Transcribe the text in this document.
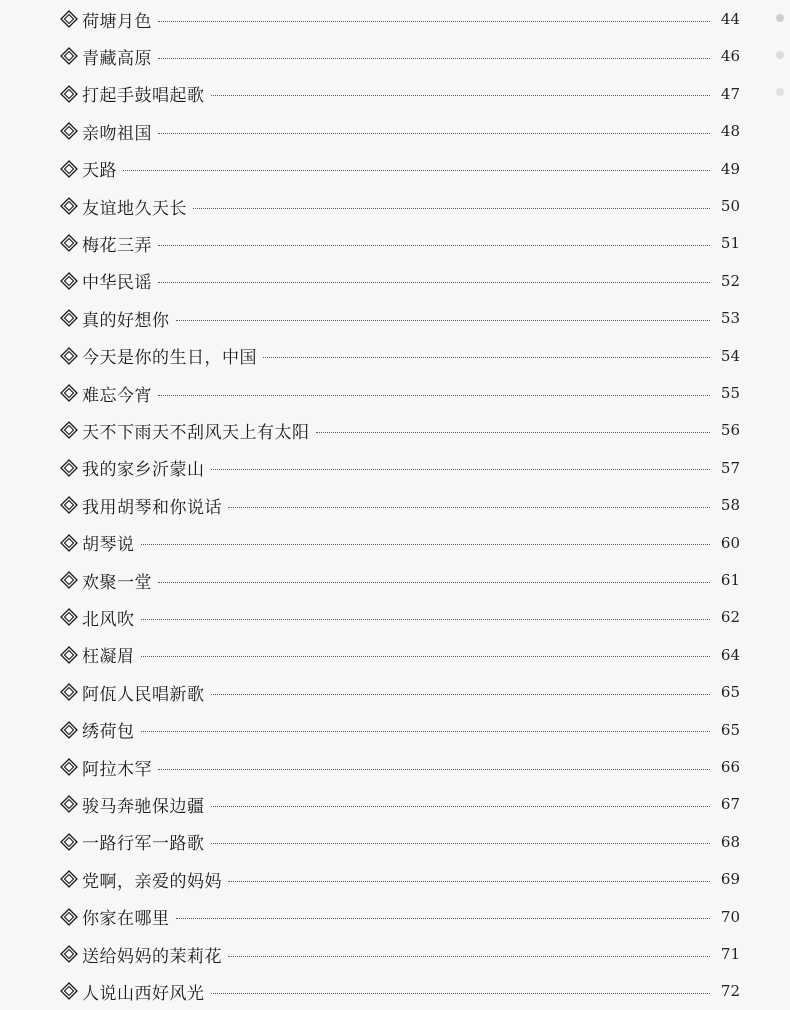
荷塘月色	44
青藏高原	46
打起手鼓唱起歌	47
亲吻祖国	48
天路	49
友谊地久天长	50
梅花三弄	51
中华民谣	52
真的好想你	53
今天是你的生日，中国	54
难忘今宵	55
天不下雨天不刮风天上有太阳	56
我的家乡沂蒙山	57
我用胡琴和你说话	58
胡琴说	60
欢聚一堂	61
北风吹	62
枉凝眉	64
阿佤人民唱新歌	65
绣荷包	65
阿拉木罕	66
骏马奔驰保边疆	67
一路行军一路歌	68
党啊，亲爱的妈妈	69
你家在哪里	70
送给妈妈的茉莉花	71
人说山西好风光	72
